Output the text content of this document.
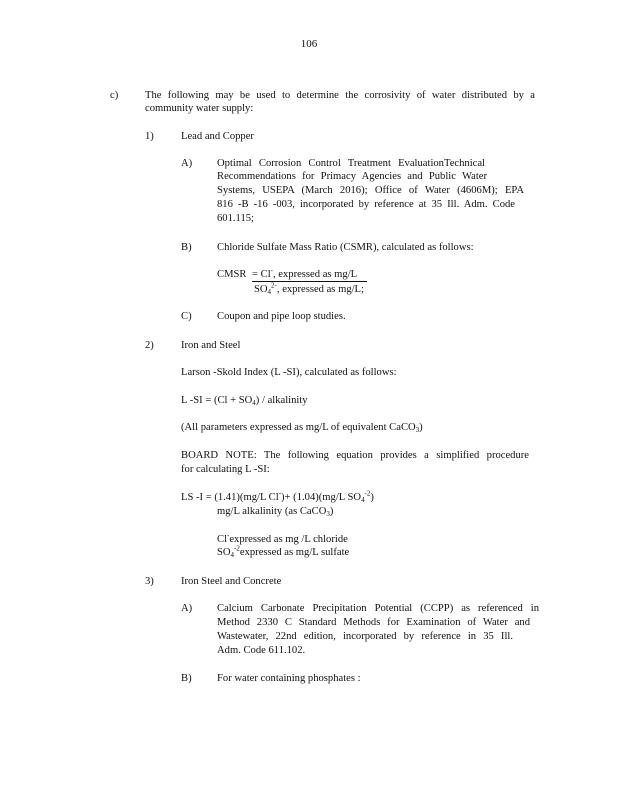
106
c)	The following may be used to determine the corrosivity of water distributed by a
community water supply:
1)	Lead and Copper
A) Optimal Corrosion Control Treatment EvaluationTechnical
Recommendations for Primacy Agencies and Public Water
Systems, USEPA (March 2016); Office of Water (4606M); EPA
816 -B -16 -003, incorporated by reference at 35 Ill. Adm. Code
601.115;
B) Chloride Sulfate Mass Ratio (CSMR), calculated as follows:
CMSR = Cl-, expressed as mg/L
$SO_4^{2-}$, expressed as mg/L;
C) Coupon and pipe loop studies.
2)	Iron and Steel
Larson -Skold Index (L -SI), calculated as follows:
L $-SI = (Cl + SO_4)$ / alkalinity
(All parameters expressed as mg/L of equivalent CaCO$_3$)
BOARD NOTE: The following equation provides a simplified procedure
for calculating L -SI:
LS -I = (1.41)(mg/L Cl-)+ (1.04)(mg/L $SO_4^{-2}$)
mg/L alkalinity (as CaCO$_3$)
Cl-expressed as mg /L chloride
$SO_4^{-2}expressed$ as mg/L sulfate
3)	Iron Steel and Concrete
A) Calcium Carbonate Precipitation Potential (CCPP) as referenced in
Method 2330 C Standard Methods for Examination of Water and
Wastewater, 22nd edition, incorporated by reference in 35 Ill.
Adm. Code 611.102.
B) For water containing phosphates :
